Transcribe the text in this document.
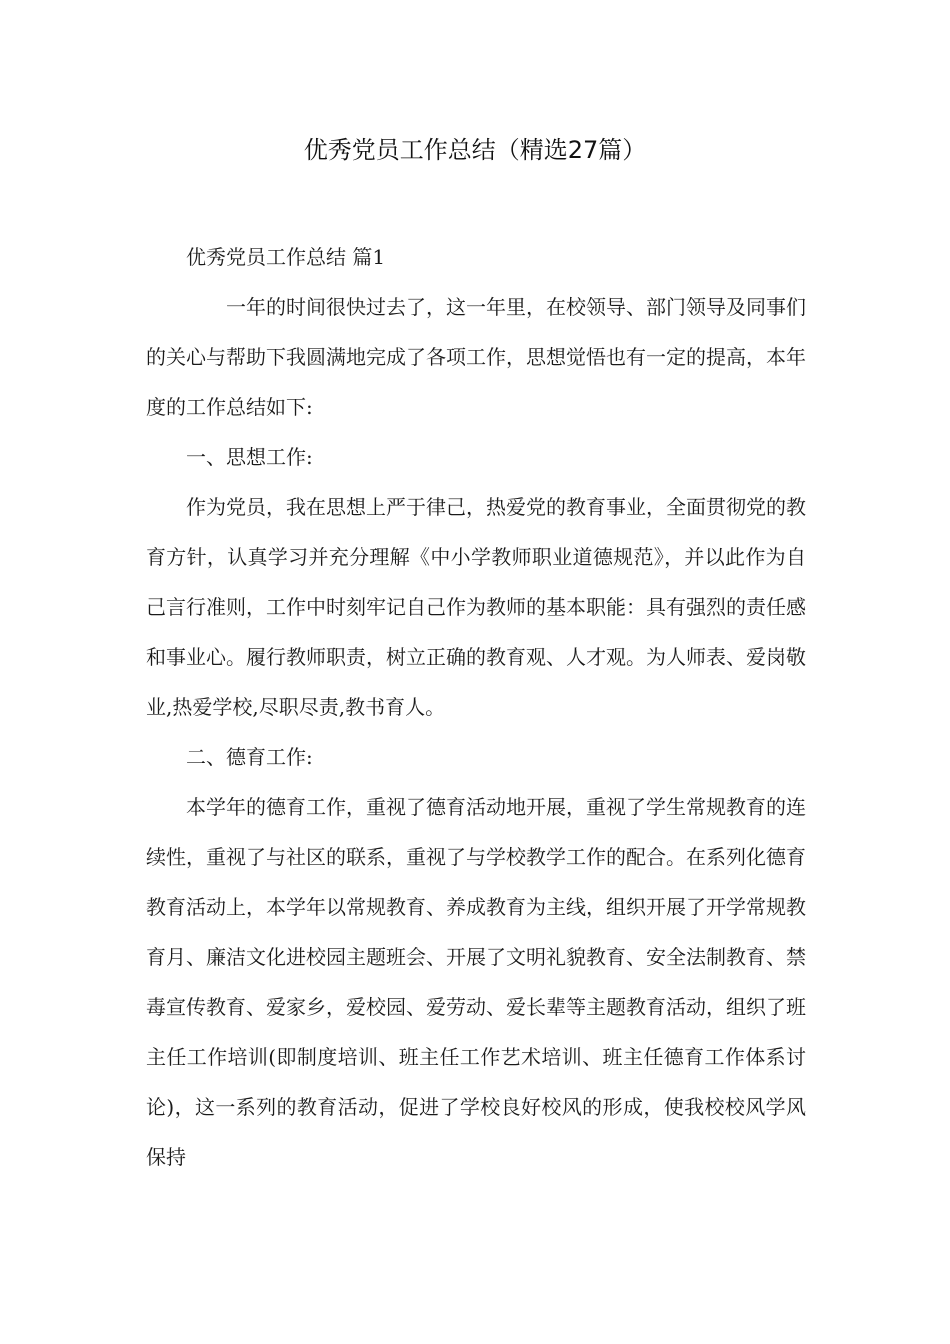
优秀党员工作总结（精选27篇）

优秀党员工作总结 篇1

一年的时间很快过去了，这一年里，在校领导、部门领导及同事们的关心与帮助下我圆满地完成了各项工作，思想觉悟也有一定的提高，本年度的工作总结如下:

一、思想工作:

作为党员，我在思想上严于律己，热爱党的教育事业，全面贯彻党的教育方针，认真学习并充分理解《中小学教师职业道德规范》，并以此作为自己言行准则，工作中时刻牢记自己作为教师的基本职能：具有强烈的责任感和事业心。履行教师职责，树立正确的教育观、人才观。为人师表、爱岗敬业,热爱学校,尽职尽责,教书育人。

二、德育工作:

本学年的德育工作，重视了德育活动地开展，重视了学生常规教育的连续性，重视了与社区的联系，重视了与学校教学工作的配合。在系列化德育教育活动上，本学年以常规教育、养成教育为主线，组织开展了开学常规教育月、廉洁文化进校园主题班会、开展了文明礼貌教育、安全法制教育、禁毒宣传教育、爱家乡，爱校园、爱劳动、爱长辈等主题教育活动，组织了班主任工作培训(即制度培训、班主任工作艺术培训、班主任德育工作体系讨论)，这一系列的教育活动，促进了学校良好校风的形成，使我校校风学风保持
